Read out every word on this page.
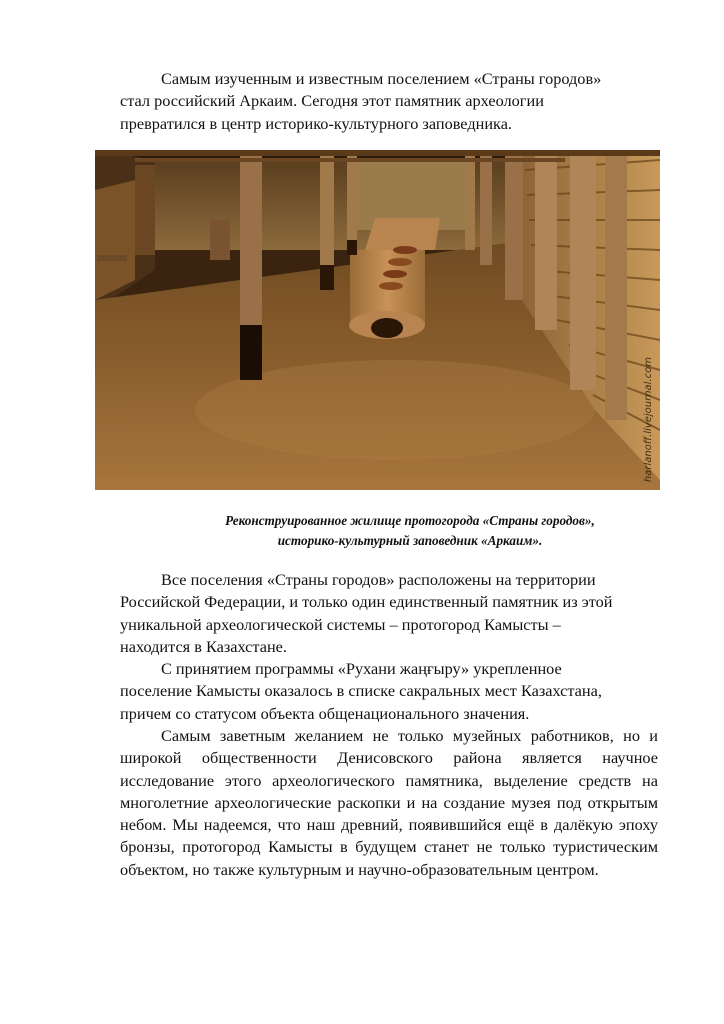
Самым изученным и известным поселением «Страны городов»
стал российский Аркаим. Сегодня этот памятник археологии
превратился в центр историко-культурного заповедника.
harlanoff.livejournal.com
Реконструированное жилище протогорода «Страны городов»,
историко-культурный заповедник «Аркаим».
Все поселения «Страны городов» расположены на территории
Российской Федерации, и только один единственный памятник из этой
уникальной археологической системы – протогород Камысты –
находится в Казахстане.
С принятием программы «Рухани жаңғыру» укрепленное
поселение Камысты оказалось в списке сакральных мест Казахстана,
причем со статусом объекта общенационального значения.

Самым заветным желанием не только музейных работников, но и широкой общественности Денисовского района является научное исследование этого археологического памятника, выделение средств на многолетние археологические раскопки и на создание музея под открытым небом. Мы надеемся, что наш древний, появившийся ещё в далёкую эпоху бронзы, протогород Камысты в будущем станет не только туристическим объектом, но также культурным и научно-образовательным центром.
